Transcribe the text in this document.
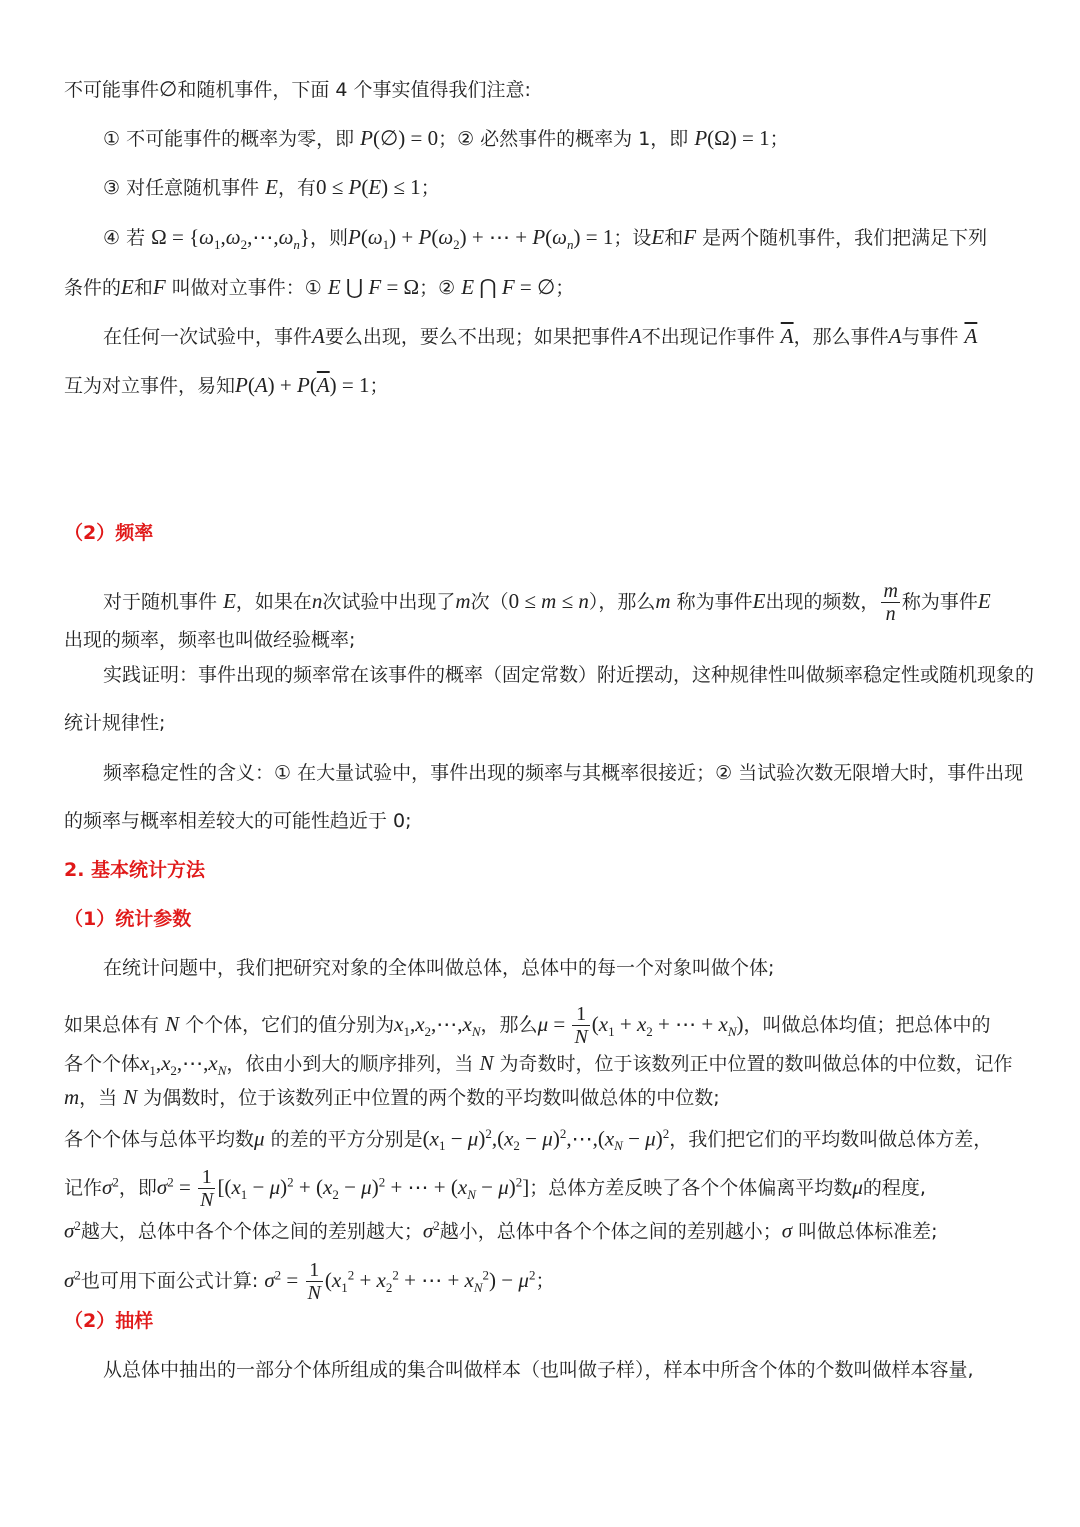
不可能事件∅和随机事件，下面 4 个事实值得我们注意:
① 不可能事件的概率为零，即 P(∅) = 0；② 必然事件的概率为 1，即 P(Ω) = 1；
③ 对任意随机事件 E，有0 ≤ P(E) ≤ 1；
④ 若 $\Omega = \{\omega_1,\omega_2,\cdots,\omega_n\}$，则$P(\omega_1) + P(\omega_2)$ + ⋯ + $P(\omega_n) = 1$；设E和F 是两个随机事件，我们把满足下列
条件的E和F 叫做对立事件：① E ⋃ F = Ω；② E ⋂ F = ∅；
在任何一次试验中，事件A要么出现，要么不出现；如果把事件A不出现记作事件 $\overline{A}$，那么事件A与事件 $\overline{A}$
互为对立事件，易知$P(A) + P(\overline{A}) = 1$；
（2）频率
对于随机事件 E，如果在n次试验中出现了m次（0 ≤ m ≤ n），那么m 称为事件E出现的频数， $\frac{m}{n}$ 称为事件E
出现的频率，频率也叫做经验概率;
实践证明：事件出现的频率常在该事件的概率（固定常数）附近摆动，这种规律性叫做频率稳定性或随机现象的
统计规律性;
频率稳定性的含义：① 在大量试验中，事件出现的频率与其概率很接近；② 当试验次数无限增大时，事件出现
的频率与概率相差较大的可能性趋近于 0;
2. 基本统计方法
（1）统计参数
在统计问题中，我们把研究对象的全体叫做总体，总体中的每一个对象叫做个体;
如果总体有 N 个个体，它们的值分别为$x_1,x_2,\cdots,x_N$，那么$\mu = \frac{1}{N} (x_1 + x_2$ + ⋯ + $x_N$)，叫做总体均值；把总体中的
各个个体$x_1,x_2,\cdots,x_N$，依由小到大的顺序排列，当 N 为奇数时，位于该数列正中位置的数叫做总体的中位数，记作
m，当 N 为偶数时，位于该数列正中位置的两个数的平均数叫做总体的中位数;
各个个体与总体平均数μ 的差的平方分别是$(x_1 - \mu)^2,(x_2$ − $\mu)^2,\cdots,(x_N - \mu)^2$，我们把它们的平均数叫做总体方差，
记作$\sigma^2$，即$\sigma^2 = \frac{1}{N} [(x_1 - \mu)^2 + (x_2 - \mu)^2$ + ⋯ + $(x_N - \mu)^2$]；总体方差反映了各个个体偏离平均数μ的程度,
$\sigma^2$越大，总体中各个个体之间的差别越大；$\sigma^2$越小，总体中各个个体之间的差别越小；σ 叫做总体标准差;
$\sigma^2$也可用下面公式计算: $\sigma^2 = \frac{1}{N} (x_1^2 + x_2^2$ + ⋯ + $x_N^2) - \mu^2$；
（2）抽样
从总体中抽出的一部分个体所组成的集合叫做样本（也叫做子样），样本中所含个体的个数叫做样本容量,
